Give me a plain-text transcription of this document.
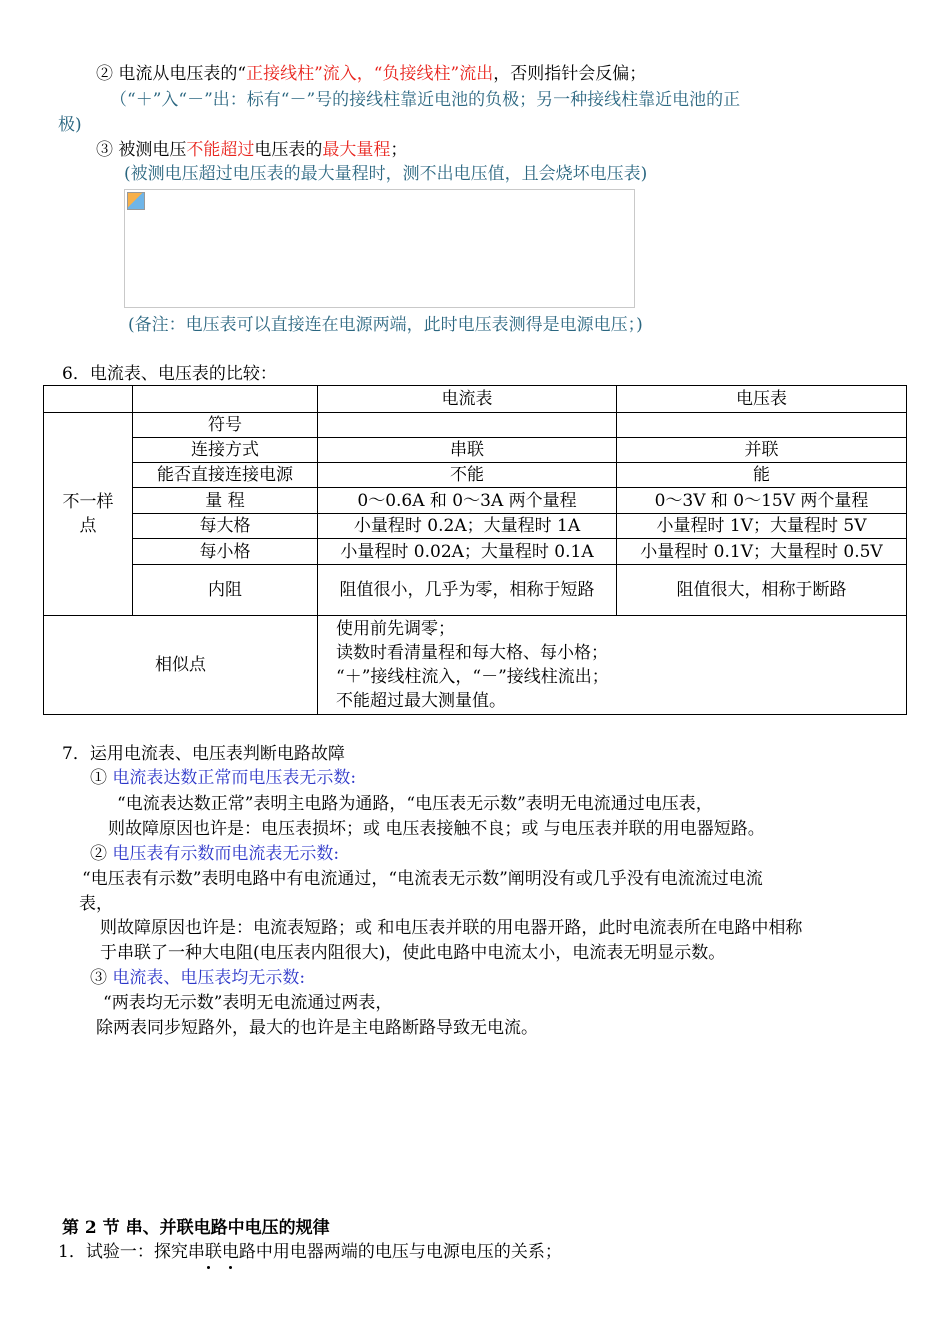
② 电流从电压表的“正接线柱”流入，“负接线柱”流出，否则指针会反偏；
（“＋”入“－”出：标有“－”号的接线柱靠近电池的负极；另一种接线柱靠近电池的正
极)
③ 被测电压不能超过电压表的最大量程；
(被测电压超过电压表的最大量程时，测不出电压值，且会烧坏电压表)
(备注：电压表可以直接连在电源两端，此时电压表测得是电源电压；)
6．电流表、电压表的比较：
		电流表	电压表
不一样点	符号		
	连接方式	串联	并联
	能否直接连接电源	不能	能
	量 程	0～0.6A 和 0～3A 两个量程	0～3V 和 0～15V 两个量程
	每大格	小量程时 0.2A；大量程时 1A	小量程时 1V；大量程时 5V
	每小格	小量程时 0.02A；大量程时 0.1A	小量程时 0.1V；大量程时 0.5V
	内阻	阻值很小，几乎为零，相称于短路	阻值很大，相称于断路
相似点		使用前先调零；
读数时看清量程和每大格、每小格；
“＋”接线柱流入，“－”接线柱流出；
不能超过最大测量值。	
7．运用电流表、电压表判断电路故障
① 电流表达数正常而电压表无示数:
“电流表达数正常”表明主电路为通路，“电压表无示数”表明无电流通过电压表，
则故障原因也许是：电压表损坏；或 电压表接触不良；或 与电压表并联的用电器短路。
② 电压表有示数而电流表无示数:
“电压表有示数”表明电路中有电流通过，“电流表无示数”阐明没有或几乎没有电流流过电流
表，
则故障原因也许是：电流表短路；或 和电压表并联的用电器开路，此时电流表所在电路中相称
于串联了一种大电阻(电压表内阻很大)，使此电路中电流太小，电流表无明显示数。
③ 电流表、电压表均无示数:
“两表均无示数”表明无电流通过两表，
除两表同步短路外，最大的也许是主电路断路导致无电流。
第 2 节 串、并联电路中电压的规律
1．试验一：探究串联电路中用电器两端的电压与电源电压的关系；
